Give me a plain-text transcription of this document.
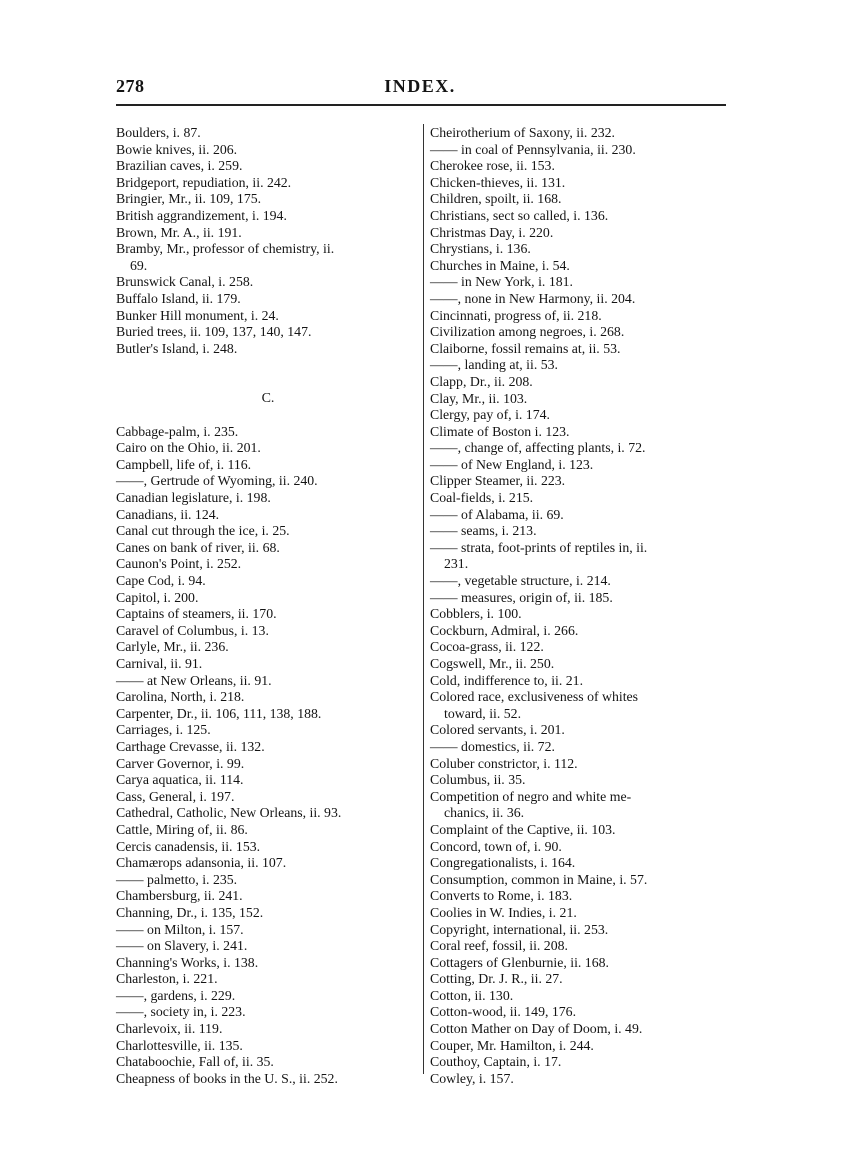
278	INDEX.
Boulders, i. 87.
Bowie knives, ii. 206.
Brazilian caves, i. 259.
Bridgeport, repudiation, ii. 242.
Bringier, Mr., ii. 109, 175.
British aggrandizement, i. 194.
Brown, Mr. A., ii. 191.
Bramby, Mr., professor of chemistry, ii.
69.
Brunswick Canal, i. 258.
Buffalo Island, ii. 179.
Bunker Hill monument, i. 24.
Buried trees, ii. 109, 137, 140, 147.
Butler's Island, i. 248.
C.
Cabbage-palm, i. 235.
Cairo on the Ohio, ii. 201.
Campbell, life of, i. 116.
——, Gertrude of Wyoming, ii. 240.
Canadian legislature, i. 198.
Canadians, ii. 124.
Canal cut through the ice, i. 25.
Canes on bank of river, ii. 68.
Caunon's Point, i. 252.
Cape Cod, i. 94.
Capitol, i. 200.
Captains of steamers, ii. 170.
Caravel of Columbus, i. 13.
Carlyle, Mr., ii. 236.
Carnival, ii. 91.
—— at New Orleans, ii. 91.
Carolina, North, i. 218.
Carpenter, Dr., ii. 106, 111, 138, 188.
Carriages, i. 125.
Carthage Crevasse, ii. 132.
Carver Governor, i. 99.
Carya aquatica, ii. 114.
Cass, General, i. 197.
Cathedral, Catholic, New Orleans, ii. 93.
Cattle, Miring of, ii. 86.
Cercis canadensis, ii. 153.
Chamærops adansonia, ii. 107.
—— palmetto, i. 235.
Chambersburg, ii. 241.
Channing, Dr., i. 135, 152.
—— on Milton, i. 157.
—— on Slavery, i. 241.
Channing's Works, i. 138.
Charleston, i. 221.
——, gardens, i. 229.
——, society in, i. 223.
Charlevoix, ii. 119.
Charlottesville, ii. 135.
Chataboochie, Fall of, ii. 35.
Cheapness of books in the U. S., ii. 252.
Cheirotherium of Saxony, ii. 232.
—— in coal of Pennsylvania, ii. 230.
Cherokee rose, ii. 153.
Chicken-thieves, ii. 131.
Children, spoilt, ii. 168.
Christians, sect so called, i. 136.
Christmas Day, i. 220.
Chrystians, i. 136.
Churches in Maine, i. 54.
—— in New York, i. 181.
——, none in New Harmony, ii. 204.
Cincinnati, progress of, ii. 218.
Civilization among negroes, i. 268.
Claiborne, fossil remains at, ii. 53.
——, landing at, ii. 53.
Clapp, Dr., ii. 208.
Clay, Mr., ii. 103.
Clergy, pay of, i. 174.
Climate of Boston i. 123.
——, change of, affecting plants, i. 72.
—— of New England, i. 123.
Clipper Steamer, ii. 223.
Coal-fields, i. 215.
—— of Alabama, ii. 69.
—— seams, i. 213.
—— strata, foot-prints of reptiles in, ii.
231.
——, vegetable structure, i. 214.
—— measures, origin of, ii. 185.
Cobblers, i. 100.
Cockburn, Admiral, i. 266.
Cocoa-grass, ii. 122.
Cogswell, Mr., ii. 250.
Cold, indifference to, ii. 21.
Colored race, exclusiveness of whites
toward, ii. 52.
Colored servants, i. 201.
—— domestics, ii. 72.
Coluber constrictor, i. 112.
Columbus, ii. 35.
Competition of negro and white me-
chanics, ii. 36.
Complaint of the Captive, ii. 103.
Concord, town of, i. 90.
Congregationalists, i. 164.
Consumption, common in Maine, i. 57.
Converts to Rome, i. 183.
Coolies in W. Indies, i. 21.
Copyright, international, ii. 253.
Coral reef, fossil, ii. 208.
Cottagers of Glenburnie, ii. 168.
Cotting, Dr. J. R., ii. 27.
Cotton, ii. 130.
Cotton-wood, ii. 149, 176.
Cotton Mather on Day of Doom, i. 49.
Couper, Mr. Hamilton, i. 244.
Couthoy, Captain, i. 17.
Cowley, i. 157.
